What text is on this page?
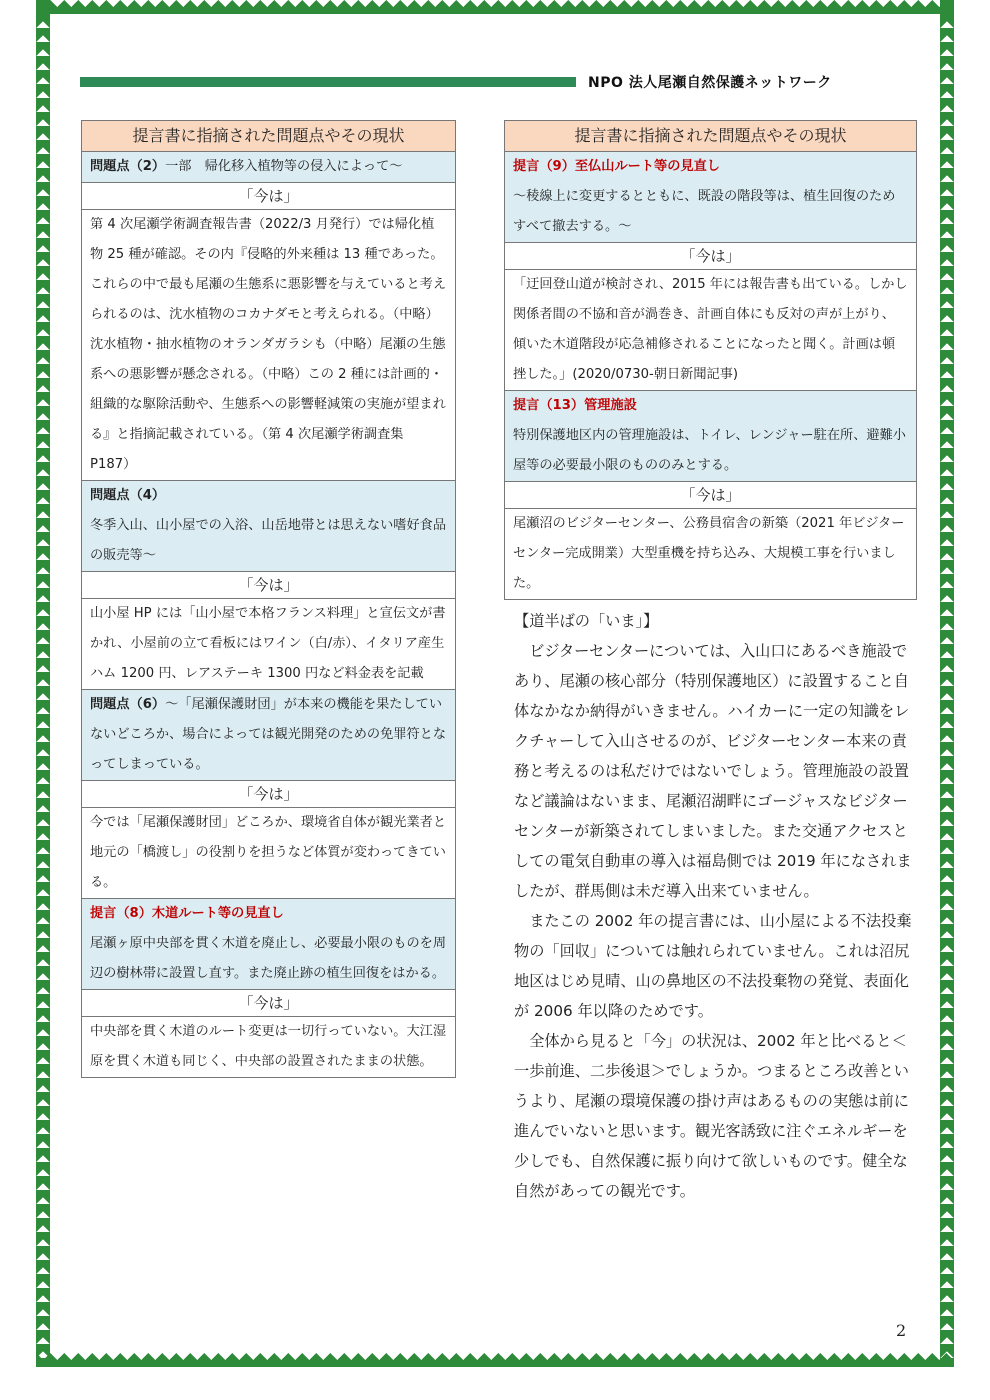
NPO 法人尾瀬自然保護ネットワーク
提言書に指摘された問題点やその現状
問題点（2）一部　帰化移入植物等の侵入によって〜
「今は」
第 4 次尾瀬学術調査報告書（2022/3 月発行）では帰化植物 25 種が確認。その内『侵略的外来種は 13 種であった。これらの中で最も尾瀬の生態系に悪影響を与えていると考えられるのは、沈水植物のコカナダモと考えられる。（中略）沈水植物・抽水植物のオランダガラシも（中略）尾瀬の生態系への悪影響が懸念される。（中略）この 2 種には計画的・組織的な駆除活動や、生態系への影響軽減策の実施が望まれる』と指摘記載されている。（第 4 次尾瀬学術調査集 P187）
問題点（4）
冬季入山、山小屋での入浴、山岳地帯とは思えない嗜好食品の販売等〜
「今は」
山小屋 HP には「山小屋で本格フランス料理」と宣伝文が書かれ、小屋前の立て看板にはワイン（白/赤）、イタリア産生ハム 1200 円、レアステーキ 1300 円など料金表を記載
問題点（6）〜「尾瀬保護財団」が本来の機能を果たしていないどころか、場合によっては観光開発のための免罪符となってしまっている。
「今は」
今では「尾瀬保護財団」どころか、環境省自体が観光業者と地元の「橋渡し」の役割りを担うなど体質が変わってきている。
提言（8）木道ルート等の見直し
尾瀬ヶ原中央部を貫く木道を廃止し、必要最小限のものを周辺の樹林帯に設置し直す。また廃止跡の植生回復をはかる。
「今は」
中央部を貫く木道のルート変更は一切行っていない。大江湿原を貫く木道も同じく、中央部の設置されたままの状態。
提言書に指摘された問題点やその現状
提言（9）至仏山ルート等の見直し
〜稜線上に変更するとともに、既設の階段等は、植生回復のためすべて撤去する。〜
「今は」
「迂回登山道が検討され、2015 年には報告書も出ている。しかし関係者間の不協和音が渦巻き、計画自体にも反対の声が上がり、傾いた木道階段が応急補修されることになったと聞く。計画は頓挫した。」(2020/0730-朝日新聞記事)
提言（13）管理施設
特別保護地区内の管理施設は、トイレ、レンジャー駐在所、避難小屋等の必要最小限のもののみとする。
「今は」
尾瀬沼のビジターセンター、公務員宿舎の新築（2021 年ビジターセンター完成開業）大型重機を持ち込み、大規模工事を行いました。

【道半ばの「いま」】

ビジターセンターについては、入山口にあるべき施設であり、尾瀬の核心部分（特別保護地区）に設置すること自体なかなか納得がいきません。ハイカーに一定の知識をレクチャーして入山させるのが、ビジターセンター本来の責務と考えるのは私だけではないでしょう。管理施設の設置など議論はないまま、尾瀬沼湖畔にゴージャスなビジターセンターが新築されてしまいました。また交通アクセスとしての電気自動車の導入は福島側では 2019 年になされましたが、群馬側は未だ導入出来ていません。

またこの 2002 年の提言書には、山小屋による不法投棄物の「回収」については触れられていません。これは沼尻地区はじめ見晴、山の鼻地区の不法投棄物の発覚、表面化が 2006 年以降のためです。

全体から見ると「今」の状況は、2002 年と比べると＜一歩前進、二歩後退＞でしょうか。つまるところ改善というより、尾瀬の環境保護の掛け声はあるものの実態は前に進んでいないと思います。観光客誘致に注ぐエネルギーを少しでも、自然保護に振り向けて欲しいものです。健全な自然があっての観光です。

2
